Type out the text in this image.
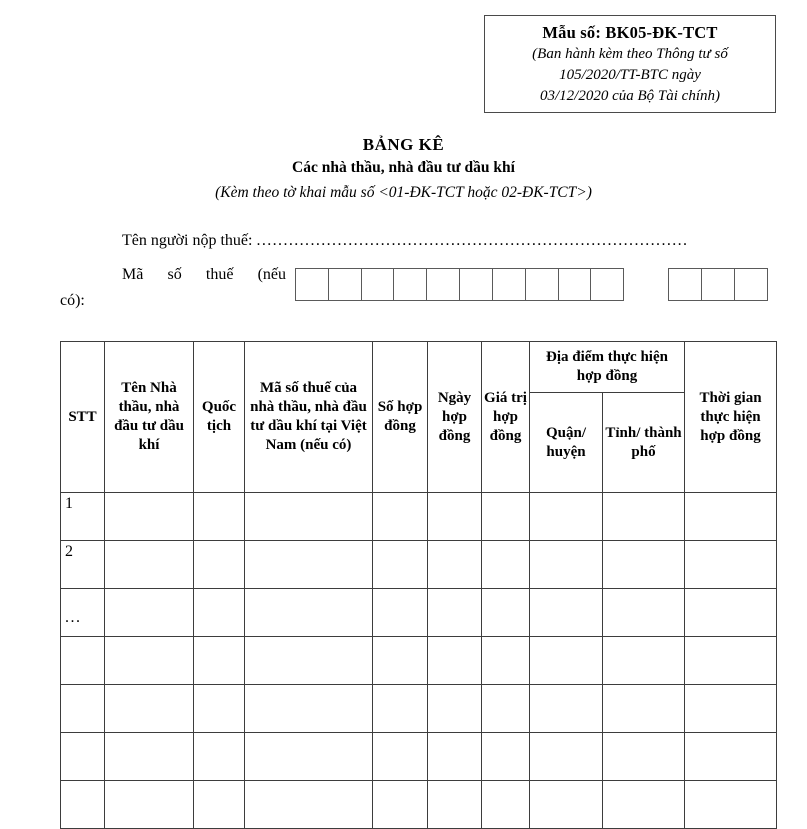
Mẫu số: BK05-ĐK-TCT
(Ban hành kèm theo Thông tư số
105/2020/TT-BTC ngày
03/12/2020 của Bộ Tài chính)
BẢNG KÊ
Các nhà thầu, nhà đầu tư dầu khí
(Kèm theo tờ khai mẫu số <01-ĐK-TCT hoặc 02-ĐK-TCT>)
Tên người nộp thuế: ................................................................................
Mã số thuế (nếu
có):
STT	Tên Nhà thầu, nhà đầu tư dầu khí	Quốc tịch	Mã số thuế của nhà thầu, nhà đầu tư dầu khí tại Việt Nam (nếu có)	Số hợp đồng	Ngày hợp đồng	Giá trị hợp đồng	Địa điểm thực hiện hợp đồng		Thời gian thực hiện hợp đồng
							Quận/ huyện	Tỉnh/ thành phố	
1									
2									
...									
